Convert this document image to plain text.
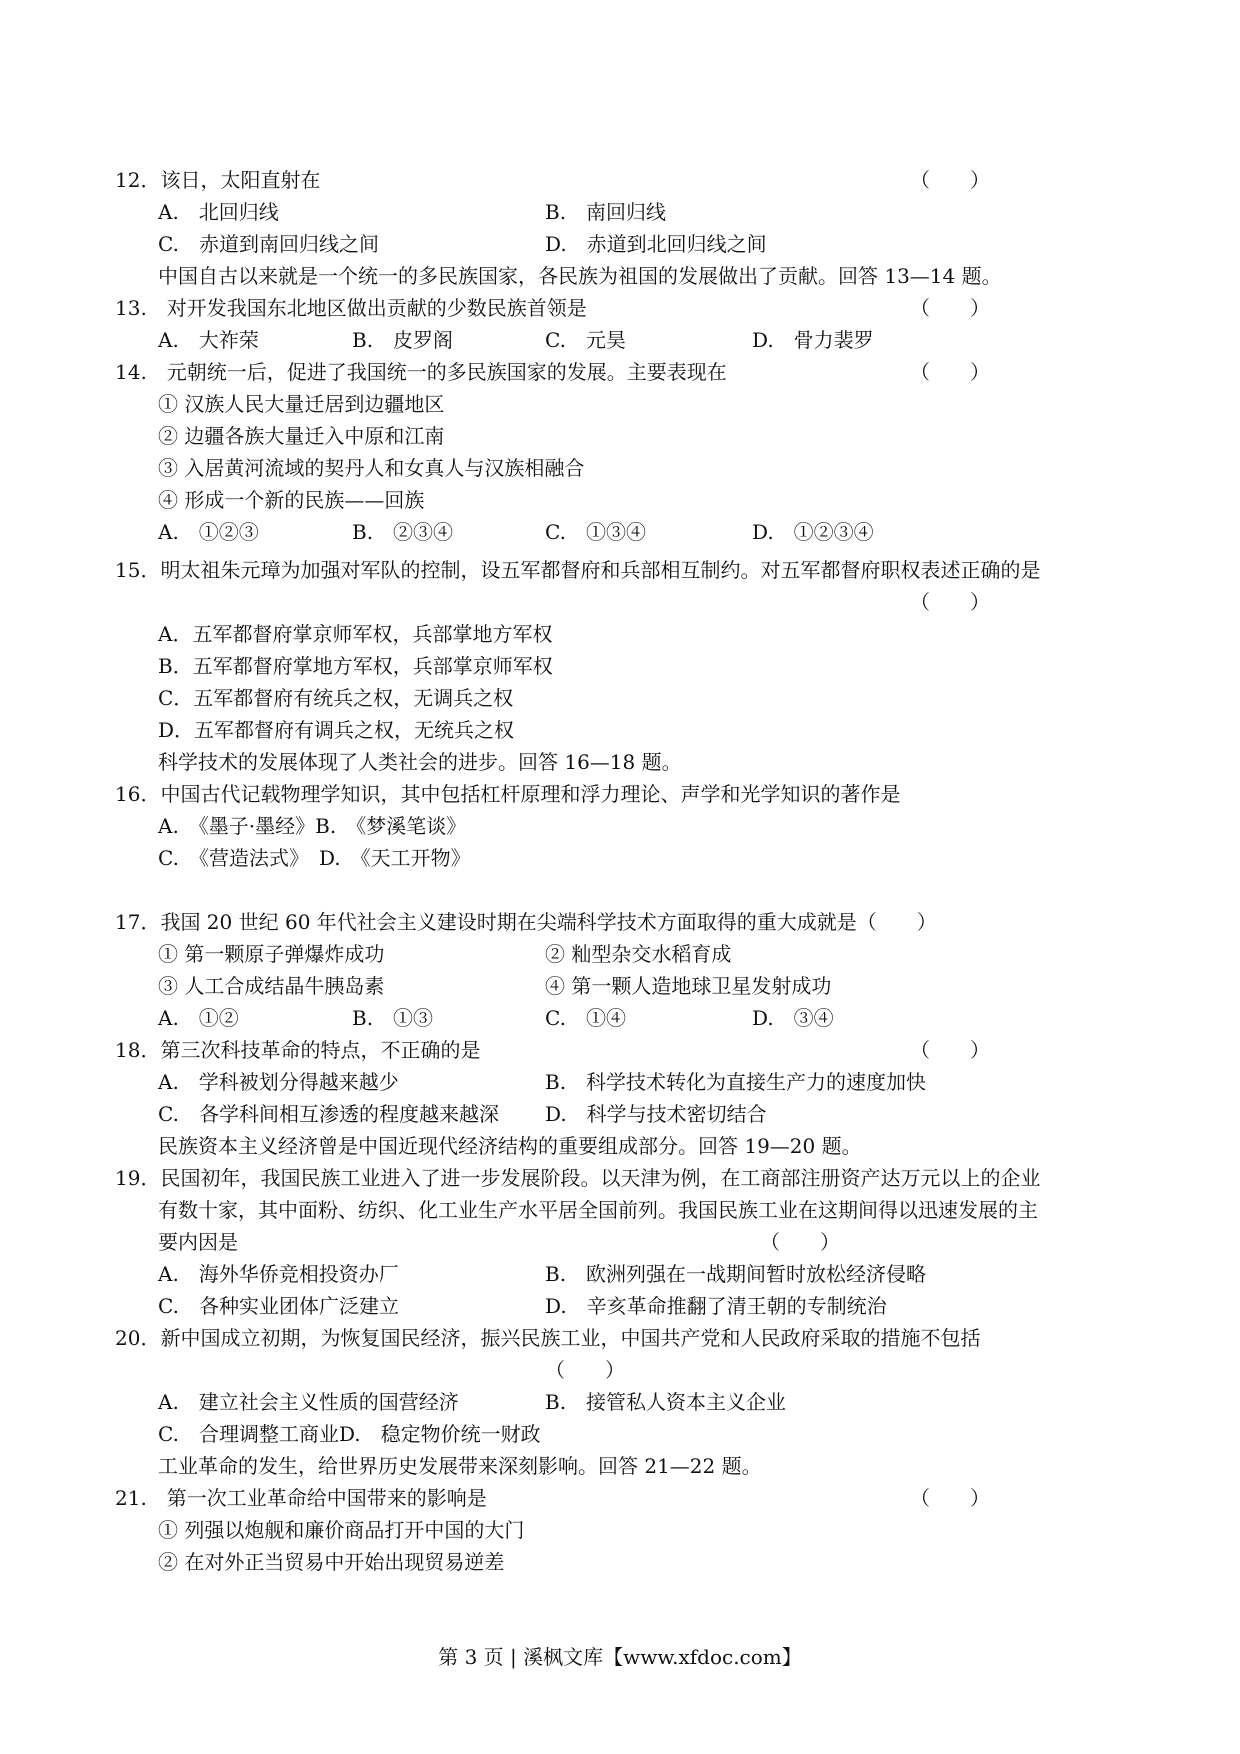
12．该日，太阳直射在	（　　）
A.　北回归线	B.　南回归线
C.　赤道到南回归线之间	D.　赤道到北回归线之间
中国自古以来就是一个统一的多民族国家，各民族为祖国的发展做出了贡献。回答 13—14 题。
13.　对开发我国东北地区做出贡献的少数民族首领是	（　　）
A.　大祚荣	B.　皮罗阁	C.　元昊	D.　骨力裴罗
14.　元朝统一后，促进了我国统一的多民族国家的发展。主要表现在	（　　）
① 汉族人民大量迁居到边疆地区
② 边疆各族大量迁入中原和江南
③ 入居黄河流域的契丹人和女真人与汉族相融合
④ 形成一个新的民族——回族
A.　①②③	B.　②③④	C.　①③④	D.　①②③④
15．明太祖朱元璋为加强对军队的控制，设五军都督府和兵部相互制约。对五军都督府职权表述正确的是
（　　）
A．五军都督府掌京师军权，兵部掌地方军权
B．五军都督府掌地方军权，兵部掌京师军权
C．五军都督府有统兵之权，无调兵之权
D．五军都督府有调兵之权，无统兵之权
科学技术的发展体现了人类社会的进步。回答 16—18 题。
16．中国古代记载物理学知识，其中包括杠杆原理和浮力理论、声学和光学知识的著作是
A.　《墨子·墨经》B.　《梦溪笔谈》
C.　《营造法式》　D.　《天工开物》
17．我国 20 世纪 60 年代社会主义建设时期在尖端科学技术方面取得的重大成就是（　　）
① 第一颗原子弹爆炸成功	② 籼型杂交水稻育成
③ 人工合成结晶牛胰岛素	④ 第一颗人造地球卫星发射成功
A.　①②	B.　①③	C.　①④	D.　③④
18．第三次科技革命的特点，不正确的是	（　　）
A.　学科被划分得越来越少	B.　科学技术转化为直接生产力的速度加快
C.　各学科间相互渗透的程度越来越深 D.　科学与技术密切结合
民族资本主义经济曾是中国近现代经济结构的重要组成部分。回答 19—20 题。
19．民国初年，我国民族工业进入了进一步发展阶段。以天津为例，在工商部注册资产达万元以上的企业
有数十家，其中面粉、纺织、化工业生产水平居全国前列。我国民族工业在这期间得以迅速发展的主
要内因是	（　　）
A.　海外华侨竞相投资办厂	B.　欧洲列强在一战期间暂时放松经济侵略
C.　各种实业团体广泛建立	D.　辛亥革命推翻了清王朝的专制统治
20．新中国成立初期，为恢复国民经济，振兴民族工业，中国共产党和人民政府采取的措施不包括
（　　）
A.　建立社会主义性质的国营经济	B.　接管私人资本主义企业
C.　合理调整工商业D.　稳定物价统一财政
工业革命的发生，给世界历史发展带来深刻影响。回答 21—22 题。
21.　第一次工业革命给中国带来的影响是	（　　）
① 列强以炮舰和廉价商品打开中国的大门
② 在对外正当贸易中开始出现贸易逆差
第 3 页 | 溪枫文库【www.xfdoc.com】
